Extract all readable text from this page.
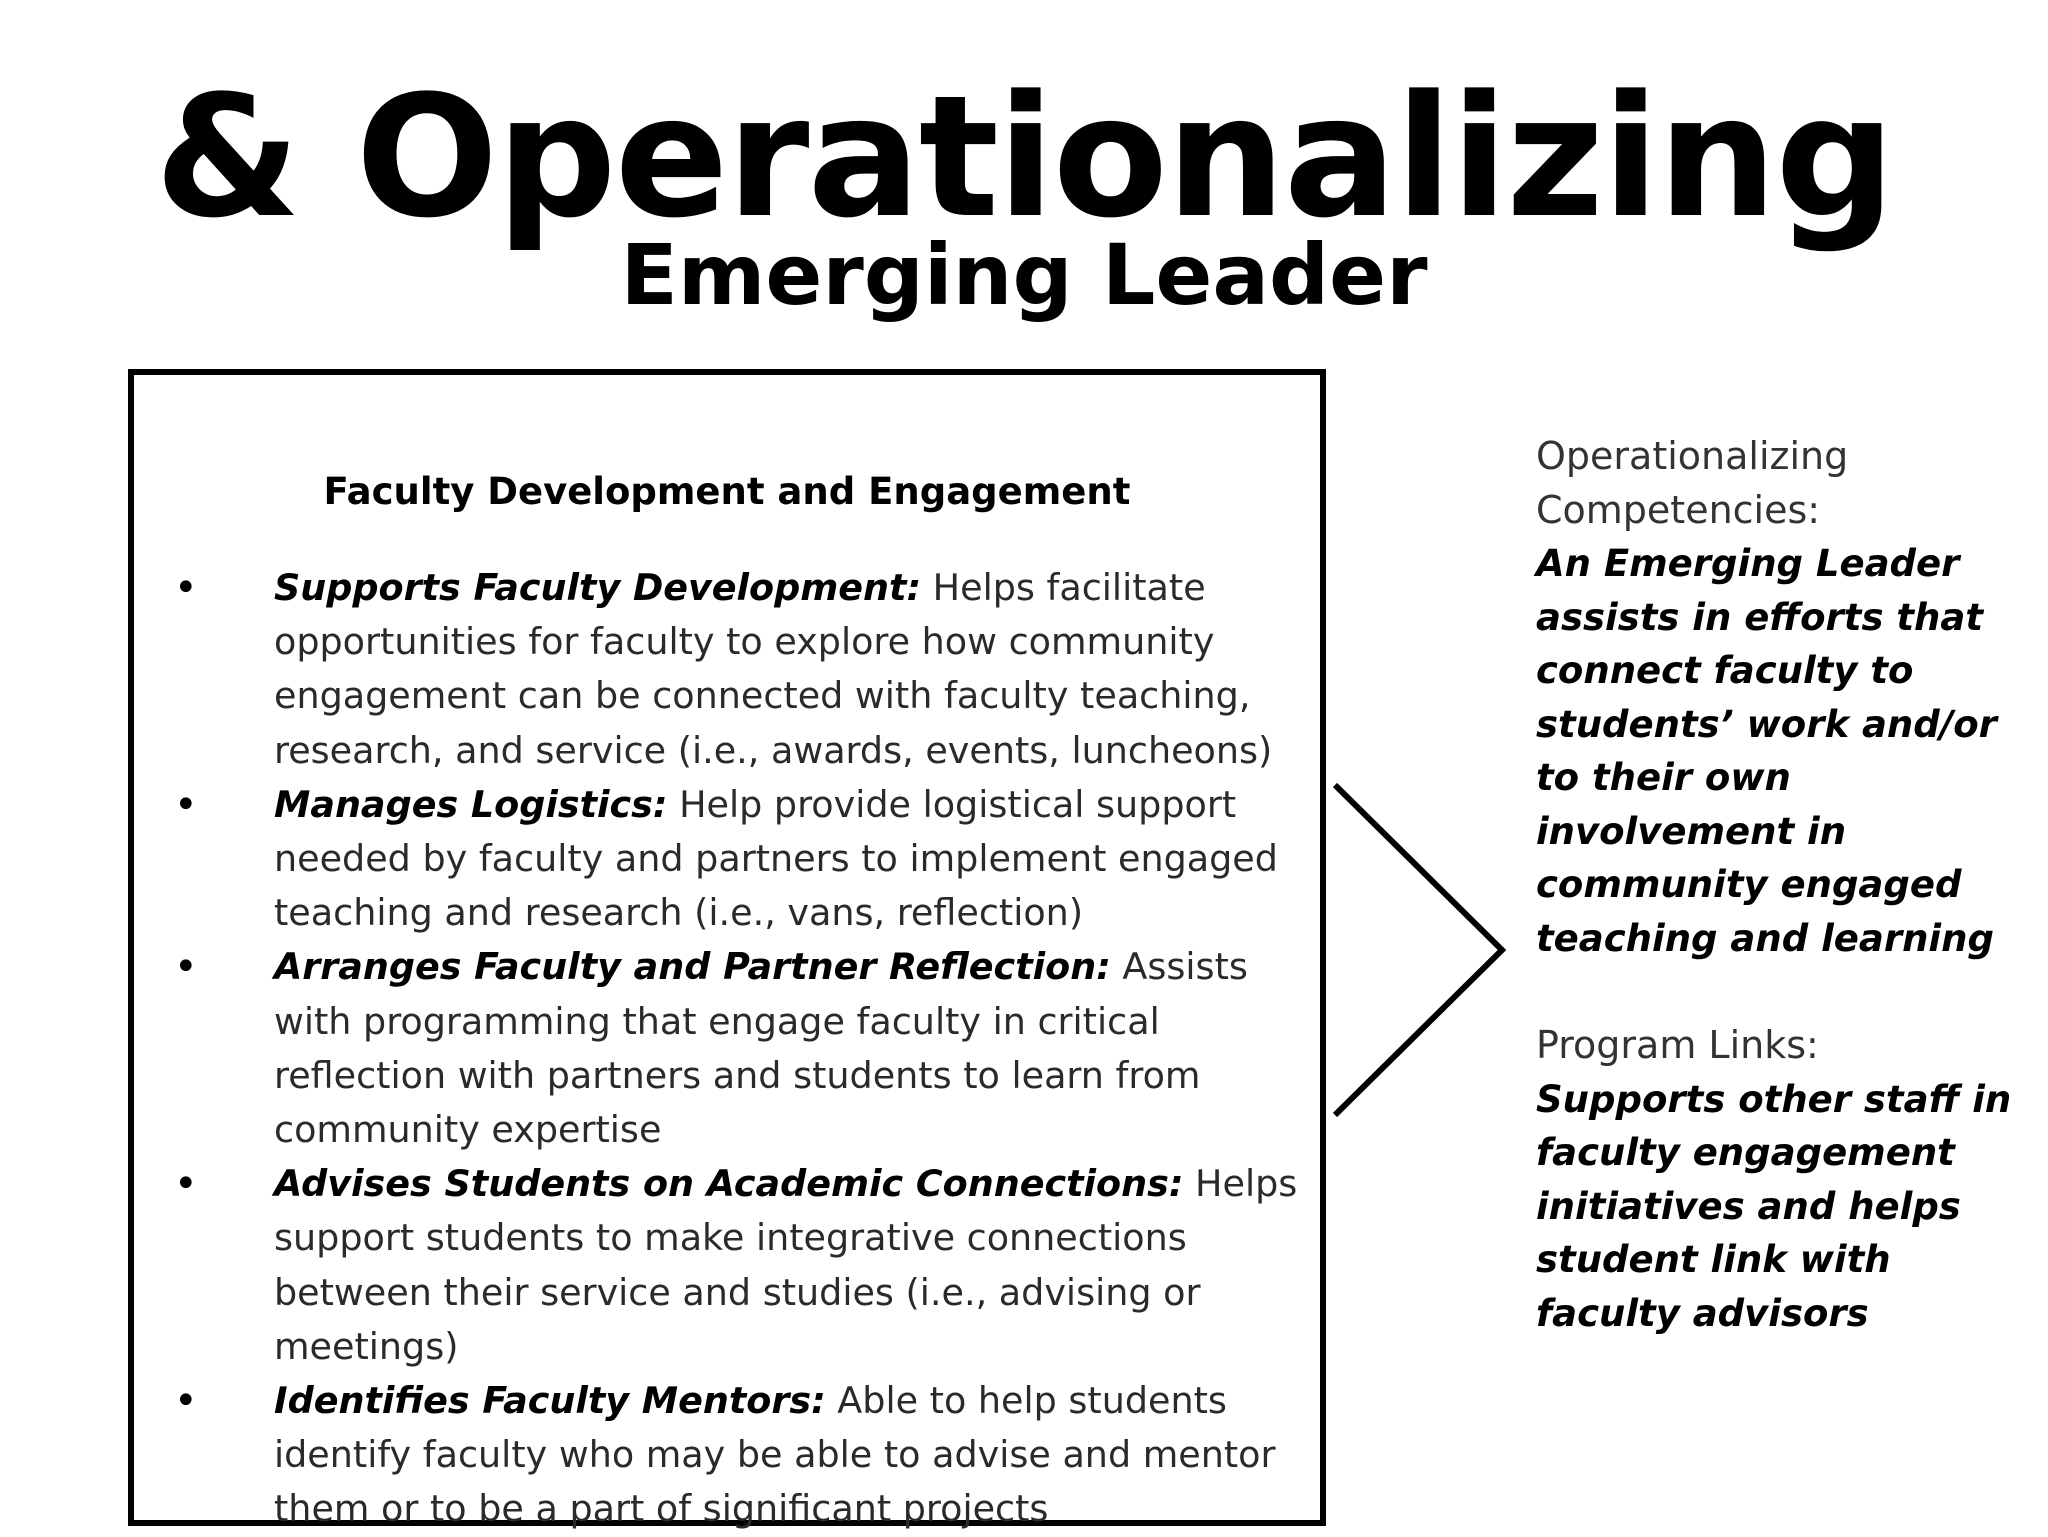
& Operationalizing
Emerging Leader

Faculty Development and Engagement

• Supports Faculty Development: Helps facilitate opportunities for faculty to explore how community engagement can be connected with faculty teaching, research, and service (i.e., awards, events, luncheons)
• Manages Logistics: Help provide logistical support needed by faculty and partners to implement engaged teaching and research (i.e., vans, reflection)
• Arranges Faculty and Partner Reflection: Assists with programming that engage faculty in critical reflection with partners and students to learn from community expertise
• Advises Students on Academic Connections: Helps support students to make integrative connections between their service and studies (i.e., advising or meetings)
• Identifies Faculty Mentors: Able to help students identify faculty who may be able to advise and mentor them or to be a part of significant projects

Operationalizing Competencies:

An Emerging Leader assists in efforts that connect faculty to students’ work and/or to their own involvement in community engaged teaching and learning

Program Links:

Supports other staff in faculty engagement initiatives and helps student link with faculty advisors
